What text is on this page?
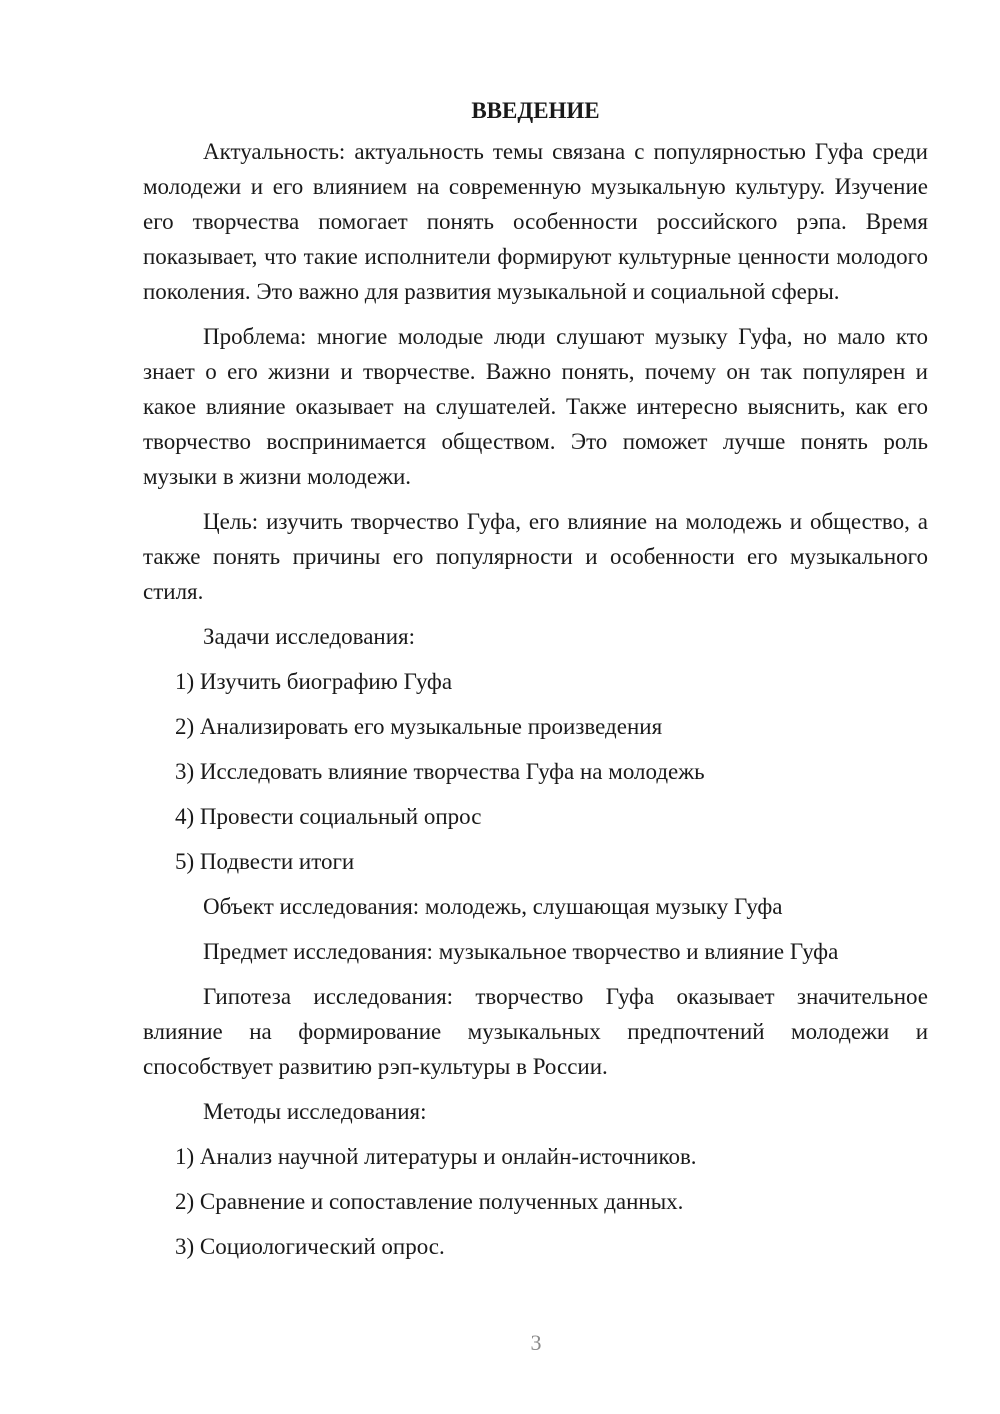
ВВЕДЕНИЕ

Актуальность: актуальность темы связана с популярностью Гуфа среди молодежи и его влиянием на современную музыкальную культуру. Изучение его творчества помогает понять особенности российского рэпа. Время показывает, что такие исполнители формируют культурные ценности молодого поколения. Это важно для развития музыкальной и социальной сферы.

Проблема: многие молодые люди слушают музыку Гуфа, но мало кто знает о его жизни и творчестве. Важно понять, почему он так популярен и какое влияние оказывает на слушателей. Также интересно выяснить, как его творчество воспринимается обществом. Это поможет лучше понять роль музыки в жизни молодежи.

Цель: изучить творчество Гуфа, его влияние на молодежь и общество, а также понять причины его популярности и особенности его музыкального стиля.

Задачи исследования:
1) Изучить биографию Гуфа
2) Анализировать его музыкальные произведения
3) Исследовать влияние творчества Гуфа на молодежь
4) Провести социальный опрос
5) Подвести итоги
Объект исследования: молодежь, слушающая музыку Гуфа
Предмет исследования: музыкальное творчество и влияние Гуфа

Гипотеза исследования: творчество Гуфа оказывает значительное влияние на формирование музыкальных предпочтений молодежи и способствует развитию рэп-культуры в России.

Методы исследования:
1) Анализ научной литературы и онлайн-источников.
2) Сравнение и сопоставление полученных данных.
3) Социологический опрос.
3
